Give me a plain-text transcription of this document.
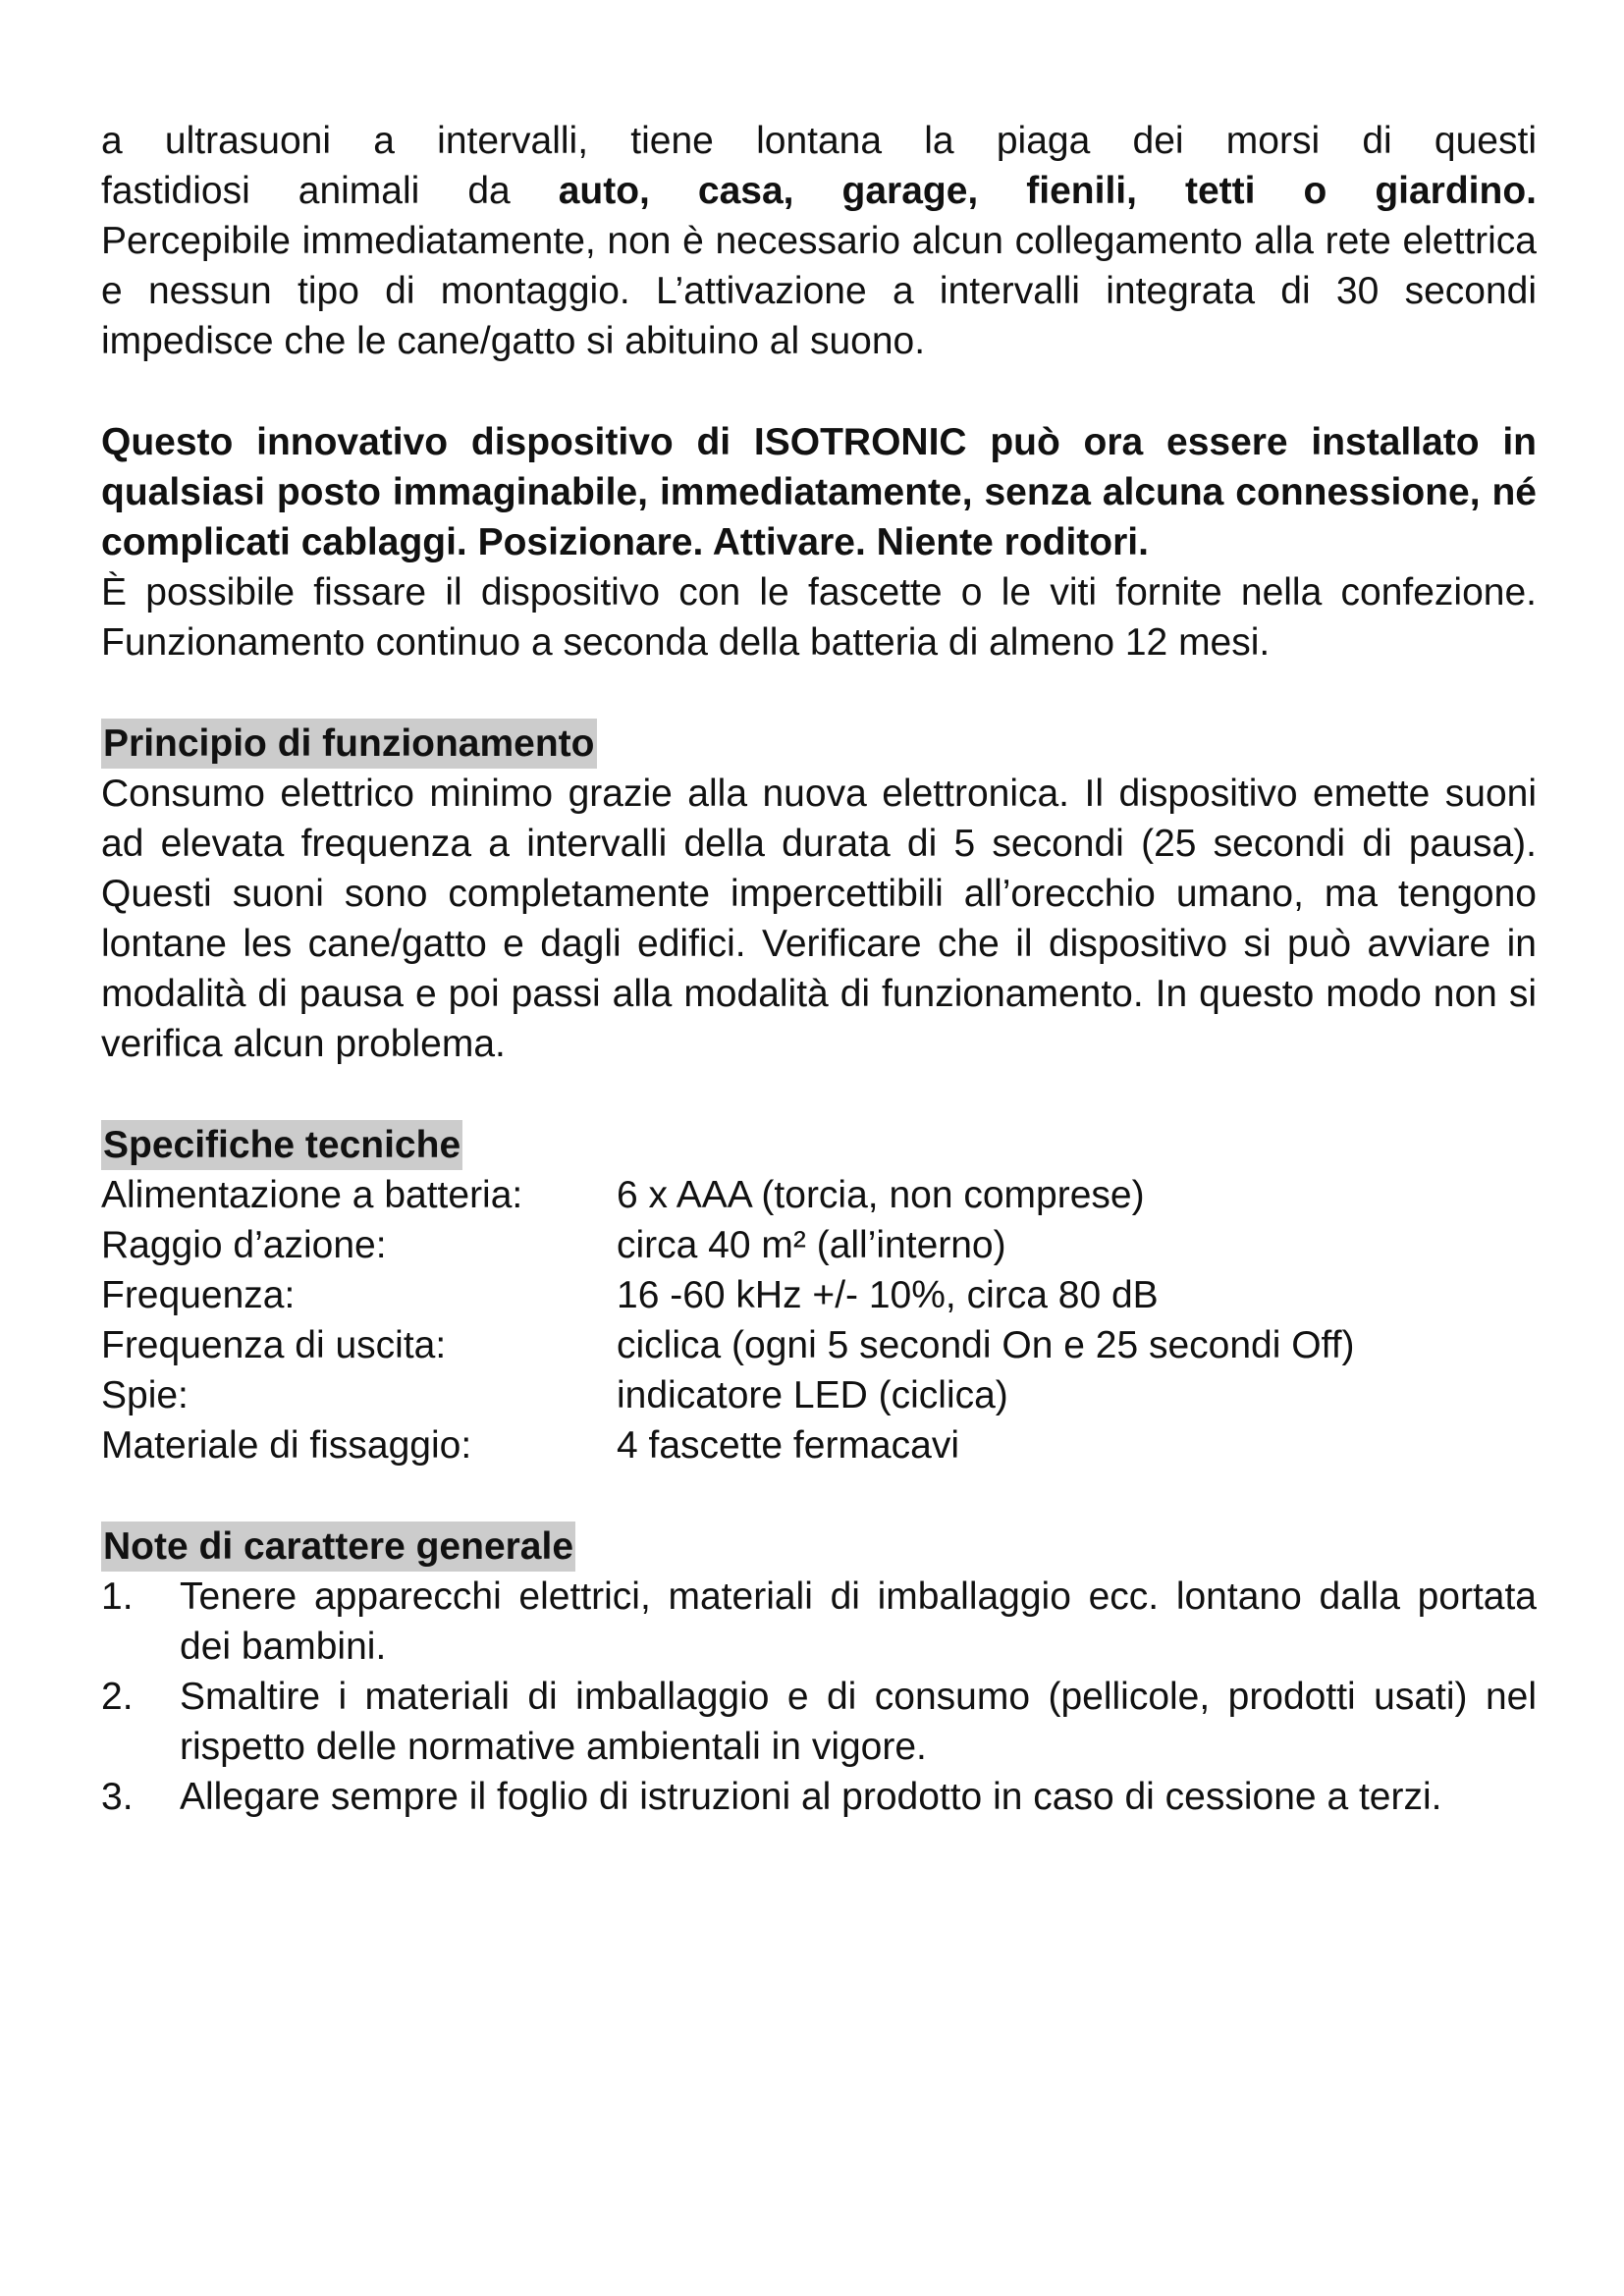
a ultrasuoni a intervalli, tiene lontana la piaga dei morsi di questi

fastidiosi animali da auto, casa, garage, fienili, tetti o giardino.

Percepibile immediatamente, non è necessario alcun collegamento alla rete elettrica e nessun tipo di montaggio. L’attivazione a intervalli integrata di 30 secondi impedisce che le cane/gatto si abituino al suono.

Questo innovativo dispositivo di ISOTRONIC può ora essere installato in qualsiasi posto immaginabile, immediatamente, senza alcuna connessione, né complicati cablaggi. Posizionare. Attivare. Niente roditori.

È possibile fissare il dispositivo con le fascette o le viti fornite nella confezione. Funzionamento continuo a seconda della batteria di almeno 12 mesi.

Principio di funzionamento

Consumo elettrico minimo grazie alla nuova elettronica. Il dispositivo emette suoni ad elevata frequenza a intervalli della durata di 5 secondi (25 secondi di pausa). Questi suoni sono completamente impercettibili all’orecchio umano, ma tengono lontane les cane/gatto e dagli edifici. Verificare che il dispositivo si può avviare in modalità di pausa e poi passi alla modalità di funzionamento. In questo modo non si verifica alcun problema.

Specifiche tecniche
Alimentazione a batteria:	6 x AAA (torcia, non comprese)
Raggio d’azione:	circa 40 m² (all’interno)
Frequenza:	16 -60 kHz +/- 10%, circa 80 dB
Frequenza di uscita:	ciclica (ogni 5 secondi On e 25 secondi Off)
Spie:	indicatore LED (ciclica)
Materiale di fissaggio:	4 fascette fermacavi
Note di carattere generale
1. Tenere apparecchi elettrici, materiali di imballaggio ecc. lontano dalla portata dei bambini.
2. Smaltire i materiali di imballaggio e di consumo (pellicole, prodotti usati) nel rispetto delle normative ambientali in vigore.
3. Allegare sempre il foglio di istruzioni al prodotto in caso di cessione a terzi.
